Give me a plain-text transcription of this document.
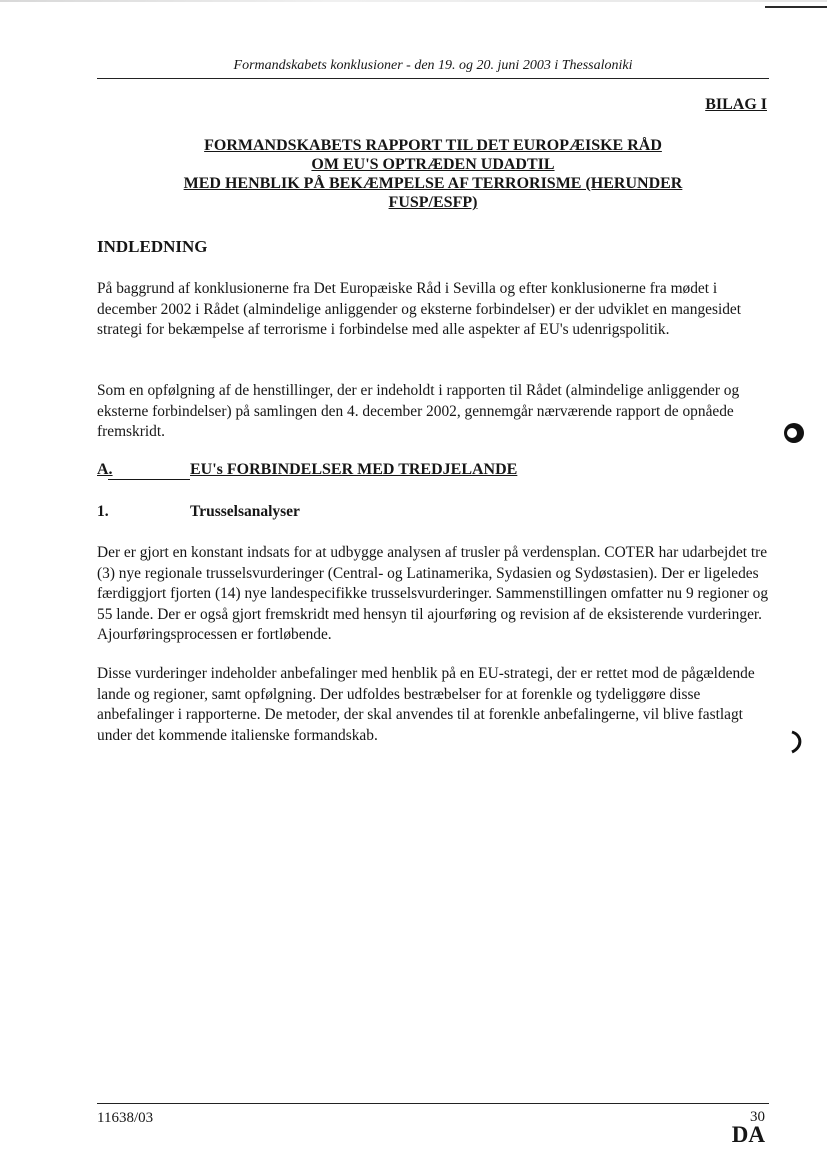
Formandskabets konklusioner - den 19. og 20. juni 2003 i Thessaloniki
BILAG I
FORMANDSKABETS RAPPORT TIL DET EUROPÆISKE RÅD
OM EU'S OPTRÆDEN UDADTIL
MED HENBLIK PÅ BEKÆMPELSE AF TERRORISME (HERUNDER
FUSP/ESFP)
INDLEDNING
På baggrund af konklusionerne fra Det Europæiske Råd i Sevilla og efter konklusionerne fra mødet i december 2002 i Rådet (almindelige anliggender og eksterne forbindelser) er der udviklet en mangesidet strategi for bekæmpelse af terrorisme i forbindelse med alle aspekter af EU's udenrigspolitik.
Som en opfølgning af de henstillinger, der er indeholdt i rapporten til Rådet (almindelige anliggender og eksterne forbindelser) på samlingen den 4. december 2002, gennemgår nærværende rapport de opnåede fremskridt.
A.	EU's FORBINDELSER MED TREDJELANDE
1.	Trusselsanalyser
Der er gjort en konstant indsats for at udbygge analysen af trusler på verdensplan. COTER har udarbejdet tre (3) nye regionale trusselsvurderinger (Central- og Latinamerika, Sydasien og Sydøstasien). Der er ligeledes færdiggjort fjorten (14) nye landespecifikke trusselsvurderinger. Sammenstillingen omfatter nu 9 regioner og 55 lande. Der er også gjort fremskridt med hensyn til ajourføring og revision af de eksisterende vurderinger. Ajourføringsprocessen er fortløbende.
Disse vurderinger indeholder anbefalinger med henblik på en EU-strategi, der er rettet mod de pågældende lande og regioner, samt opfølgning. Der udfoldes bestræbelser for at forenkle og tydeliggøre disse anbefalinger i rapporterne. De metoder, der skal anvendes til at forenkle anbefalingerne, vil blive fastlagt under det kommende italienske formandskab.
11638/03	30
DA
